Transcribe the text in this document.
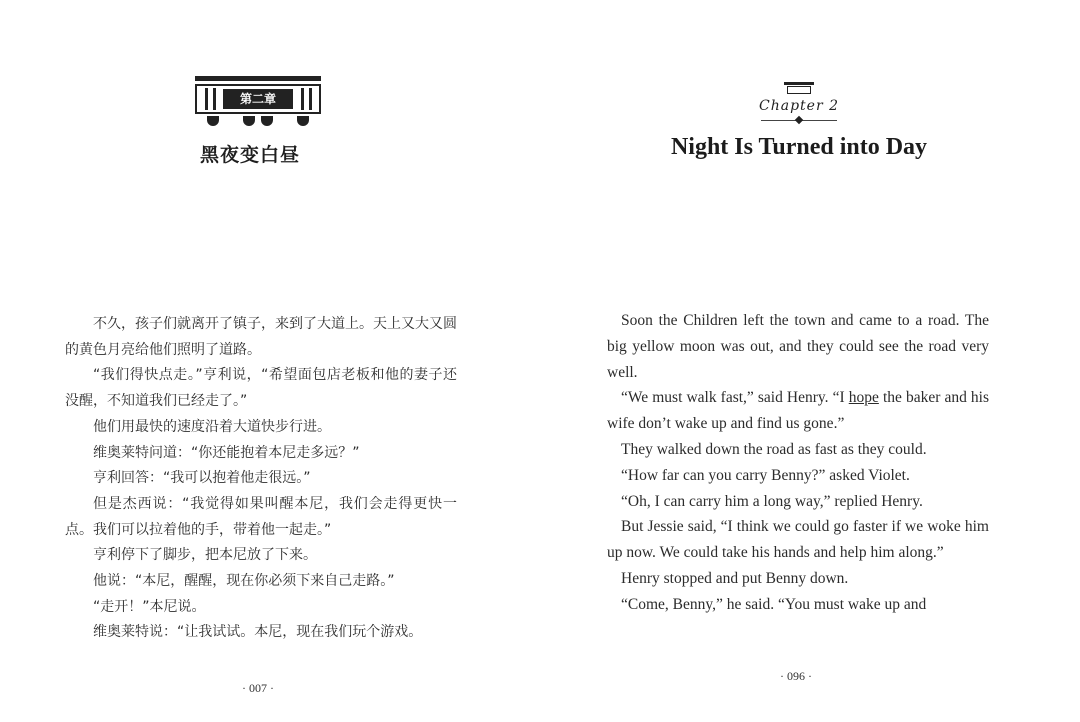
第二章
黑夜变白昼

不久，孩子们就离开了镇子，来到了大道上。天上又大又圆的黄色月亮给他们照明了道路。

“我们得快点走。”亨利说，“希望面包店老板和他的妻子还没醒，不知道我们已经走了。”

他们用最快的速度沿着大道快步行进。

维奥莱特问道：“你还能抱着本尼走多远？”

亨利回答：“我可以抱着他走很远。”

但是杰西说：“我觉得如果叫醒本尼，我们会走得更快一点。我们可以拉着他的手，带着他一起走。”

亨利停下了脚步，把本尼放了下来。

他说：“本尼，醒醒，现在你必须下来自己走路。”

“走开！”本尼说。

维奥莱特说：“让我试试。本尼，现在我们玩个游戏。

· 007 ·
Chapter 2
Night Is Turned into Day

Soon the Children left the town and came to a road. The big yellow moon was out, and they could see the road very well.

“We must walk fast,” said Henry. “I hope the baker and his wife don’t wake up and find us gone.”

They walked down the road as fast as they could.

“How far can you carry Benny?” asked Violet.

“Oh, I can carry him a long way,” replied Henry.

But Jessie said, “I think we could go faster if we woke him up now. We could take his hands and help him along.”

Henry stopped and put Benny down.

“Come, Benny,” he said. “You must wake up and

· 096 ·
